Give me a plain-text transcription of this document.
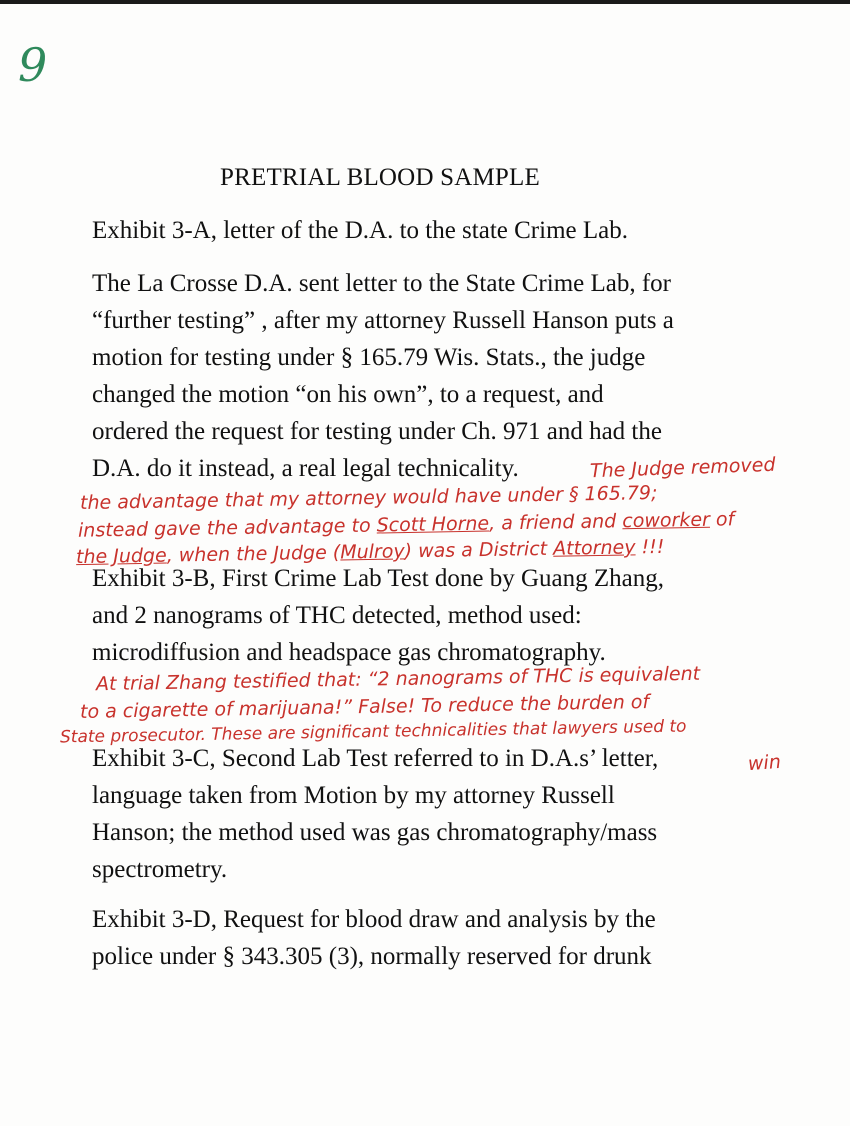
9
PRETRIAL BLOOD SAMPLE
Exhibit 3-A, letter of the D.A. to the state Crime Lab.
The La Crosse D.A. sent letter to the State Crime Lab, for
“further testing” , after my attorney Russell Hanson puts a
motion for testing under § 165.79 Wis. Stats., the judge
changed the motion “on his own”, to a request, and
ordered the request for testing under Ch. 971 and had the
D.A. do it instead, a real legal technicality.	The Judge removed
the advantage that my attorney would have under § 165.79;
instead gave the advantage to Scott Horne, a friend and coworker of
the Judge, when the Judge (Mulroy) was a District Attorney !!!
Exhibit 3-B, First Crime Lab Test done by Guang Zhang,
and 2 nanograms of THC detected, method used:
microdiffusion and headspace gas chromatography.
At trial Zhang testified that: “2 nanograms of THC is equivalent
to a cigarette of marijuana!” False! To reduce the burden of
State prosecutor. These are significant technicalities that lawyers used to
Exhibit 3-C, Second Lab Test referred to in D.A.s’ letter,	win
language taken from Motion by my attorney Russell
Hanson; the method used was gas chromatography/mass
spectrometry.
Exhibit 3-D, Request for blood draw and analysis by the
police under § 343.305 (3), normally reserved for drunk
